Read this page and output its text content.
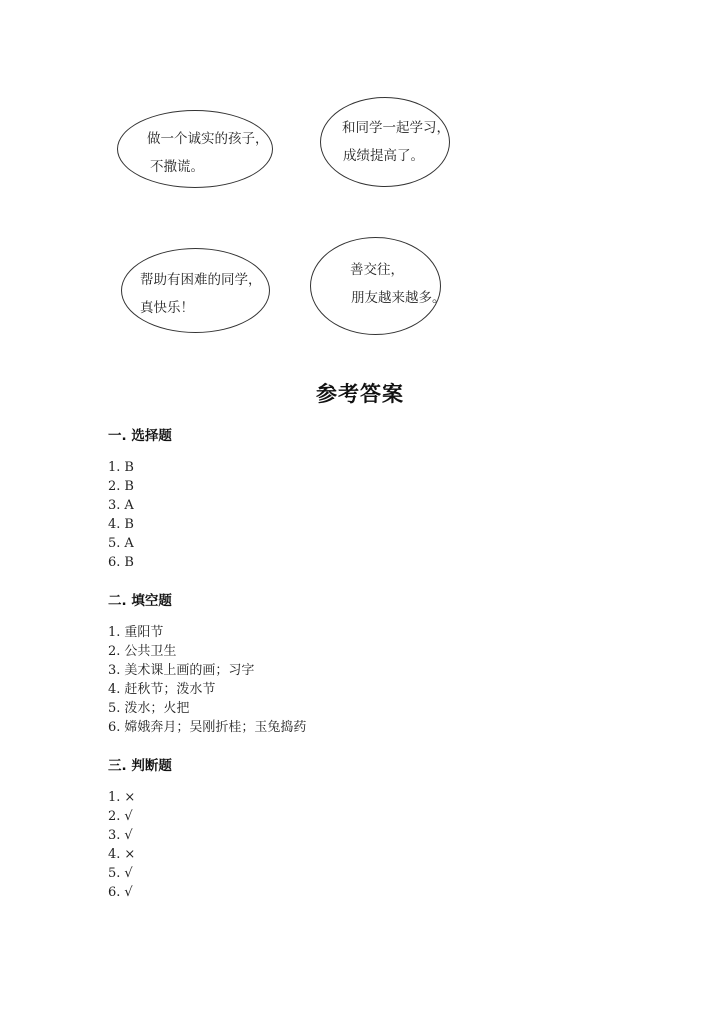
做一个诚实的孩子，
不撒谎。
和同学一起学习，
成绩提高了。
帮助有困难的同学，
真快乐！
善交往，
朋友越来越多。
参考答案
一. 选择题
1. B
2. B
3. A
4. B
5. A
6. B
二. 填空题
1. 重阳节
2. 公共卫生
3. 美术课上画的画；习字
4. 赶秋节；泼水节
5. 泼水；火把
6. 嫦娥奔月；吴刚折桂；玉兔捣药
三. 判断题
1. ×
2. √
3. √
4. ×
5. √
6. √
